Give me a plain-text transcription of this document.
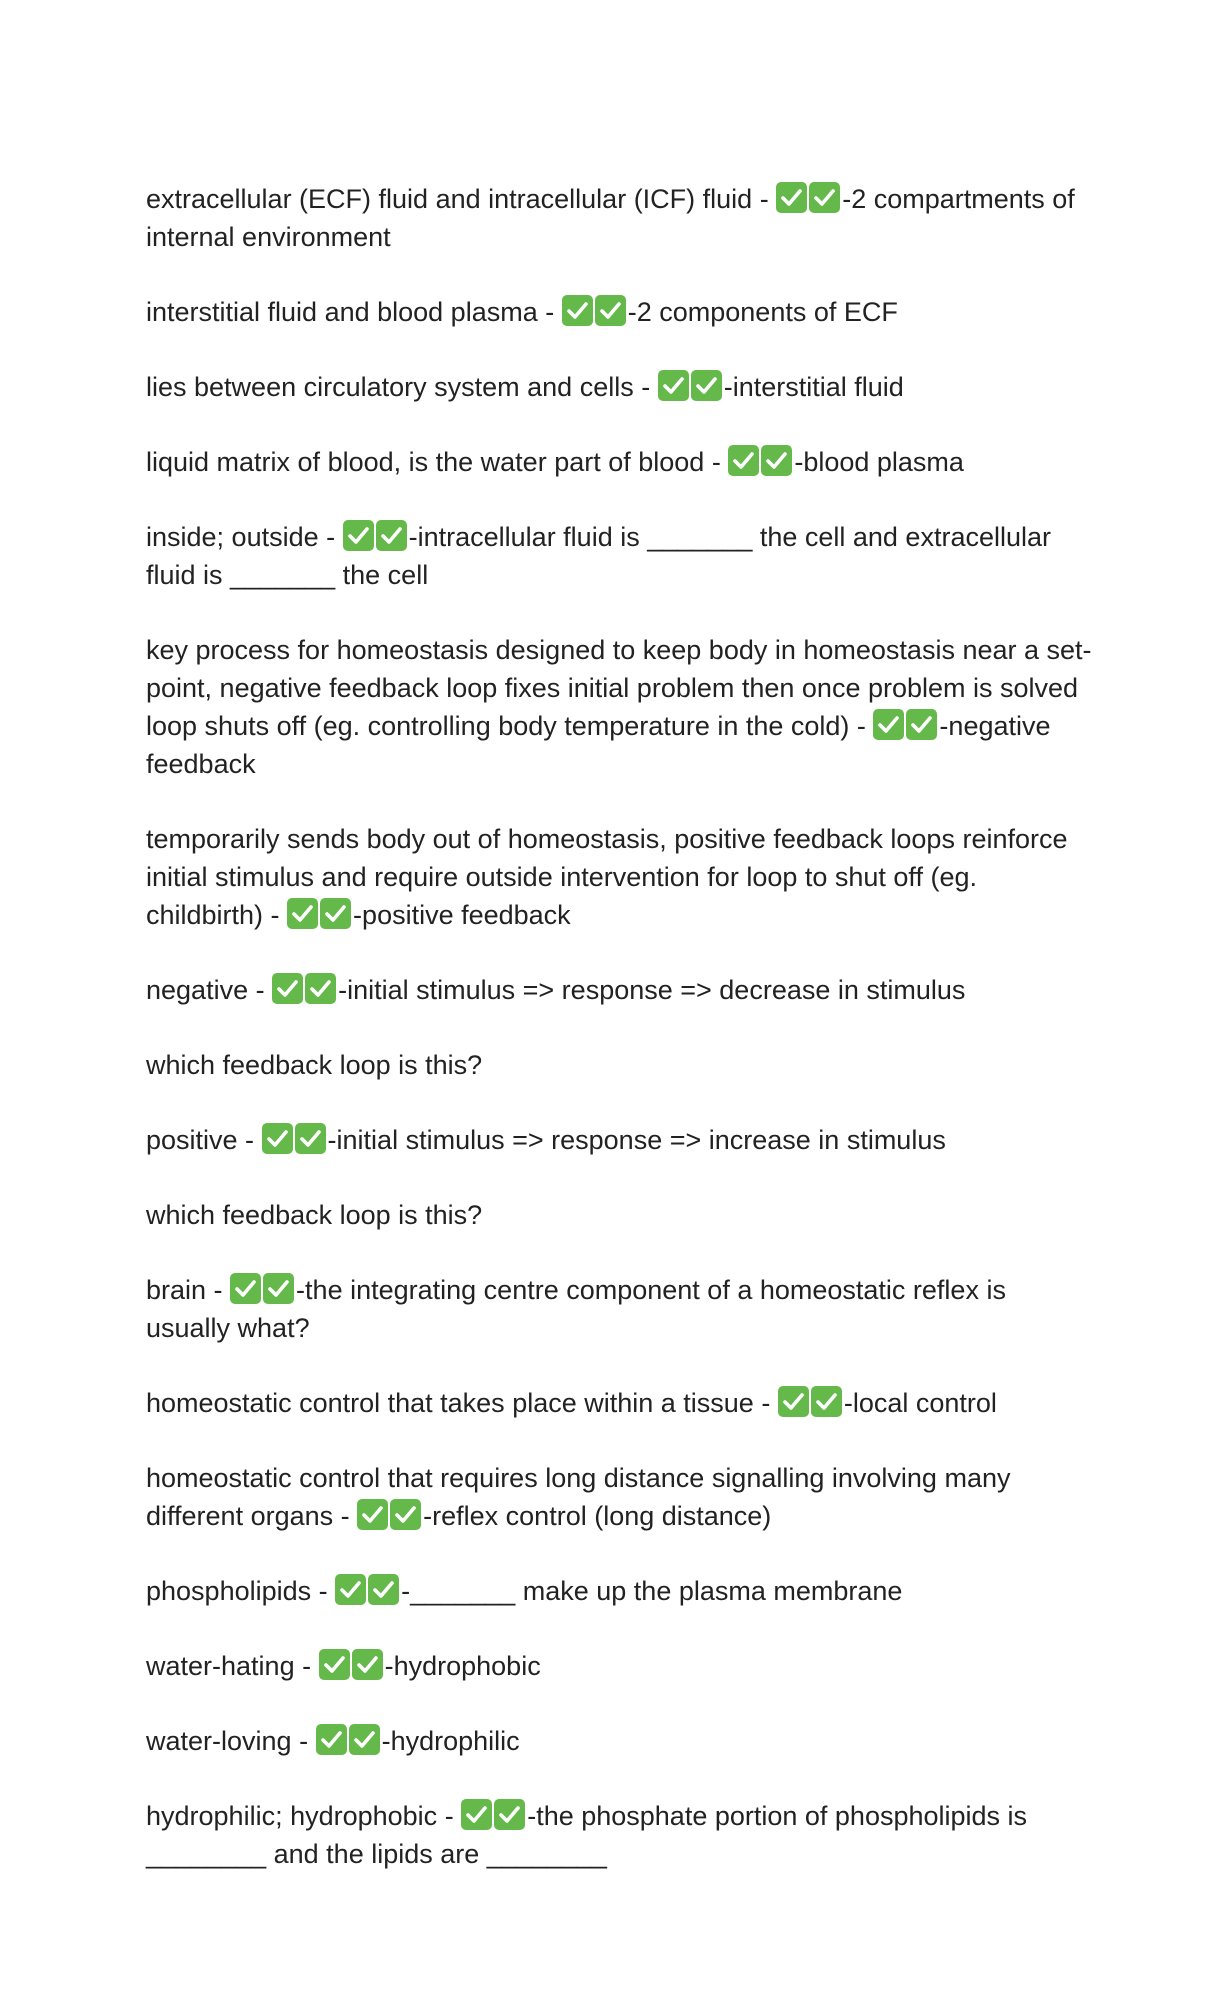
extracellular (ECF) fluid and intracellular (ICF) fluid -
-2 compartments of internal environment
interstitial fluid and blood plasma -
-2 components of ECF
lies between circulatory system and cells -
-interstitial fluid
liquid matrix of blood, is the water part of blood -
-blood plasma
inside; outside -
-intracellular fluid is _______ the cell and extracellular fluid is _______ the cell
key process for homeostasis designed to keep body in homeostasis near a set-point, negative feedback loop fixes initial problem then once problem is solved loop shuts off (eg. controlling body temperature in the cold) -
-negative feedback
temporarily sends body out of homeostasis, positive feedback loops reinforce initial stimulus and require outside intervention for loop to shut off (eg. childbirth) -
-positive feedback
negative -
-initial stimulus => response => decrease in stimulus
which feedback loop is this?
positive -
-initial stimulus => response => increase in stimulus
which feedback loop is this?
brain -
-the integrating centre component of a homeostatic reflex is usually what?
homeostatic control that takes place within a tissue -
-local control
homeostatic control that requires long distance signalling involving many different organs -
-reflex control (long distance)
phospholipids -
-_______ make up the plasma membrane
water-hating -
-hydrophobic
water-loving -
-hydrophilic
hydrophilic; hydrophobic -
-the phosphate portion of phospholipids is ________ and the lipids are ________
